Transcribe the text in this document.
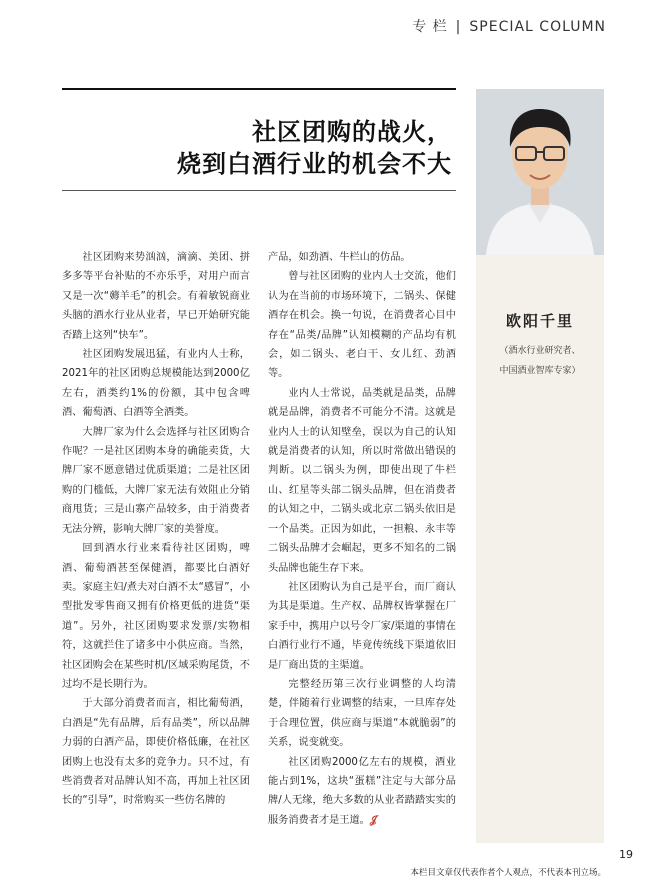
专 栏 | SPECIAL COLUMN
社区团购的战火，
烧到白酒行业的机会不大
欧阳千里
（酒水行业研究者、
中国酒业智库专家）

社区团购来势汹汹，滴滴、美团、拼多多等平台补贴的不亦乐乎，对用户而言又是一次“薅羊毛”的机会。有着敏锐商业头脑的酒水行业从业者，早已开始研究能否踏上这列“快车”。

社区团购发展迅猛，有业内人士称，2021年的社区团购总规模能达到2000亿左右，酒类约1%的份额，其中包含啤酒、葡萄酒、白酒等全酒类。

大牌厂家为什么会选择与社区团购合作呢？一是社区团购本身的确能卖货，大牌厂家不愿意错过优质渠道；二是社区团购的门槛低，大牌厂家无法有效阻止分销商甩货；三是山寨产品较多，由于消费者无法分辨，影响大牌厂家的美誉度。

回到酒水行业来看待社区团购，啤酒、葡萄酒甚至保健酒，都要比白酒好卖。家庭主妇/煮夫对白酒不太“感冒”，小型批发零售商又拥有价格更低的进货“渠道”。另外，社区团购要求发票/实物相符，这就拦住了诸多中小供应商。当然，社区团购会在某些时机/区域采购尾货，不过均不是长期行为。

于大部分消费者而言，相比葡萄酒，白酒是“先有品牌，后有品类”，所以品牌力弱的白酒产品，即使价格低廉，在社区团购上也没有太多的竞争力。只不过，有些消费者对品牌认知不高，再加上社区团长的“引导”，时常购买一些仿名牌的

产品，如劲酒、牛栏山的仿品。

曾与社区团购的业内人士交流，他们认为在当前的市场环境下，二锅头、保健酒存在机会。换一句说，在消费者心目中存在“品类/品牌”认知模糊的产品均有机会，如二锅头、老白干、女儿红、劲酒等。

业内人士常说，品类就是品类，品牌就是品牌，消费者不可能分不清。这就是业内人士的认知壁垒，误以为自己的认知就是消费者的认知，所以时常做出错误的判断。以二锅头为例，即使出现了牛栏山、红星等头部二锅头品牌，但在消费者的认知之中，二锅头或北京二锅头依旧是一个品类。正因为如此，一担粮、永丰等二锅头品牌才会崛起，更多不知名的二锅头品牌也能生存下来。

社区团购认为自己是平台，而厂商认为其是渠道。生产权、品牌权皆掌握在厂家手中，携用户以号令厂家/渠道的事情在白酒行业行不通，毕竟传统线下渠道依旧是厂商出货的主渠道。

完整经历第三次行业调整的人均清楚，伴随着行业调整的结束，一旦库存处于合理位置，供应商与渠道“本就脆弱”的关系，说变就变。

社区团购2000亿左右的规模，酒业能占到1%，这块“蛋糕”注定与大部分品牌/人无缘，绝大多数的从业者踏踏实实的服务消费者才是王道。𝒥

19
本栏目文章仅代表作者个人观点，不代表本刊立场。
